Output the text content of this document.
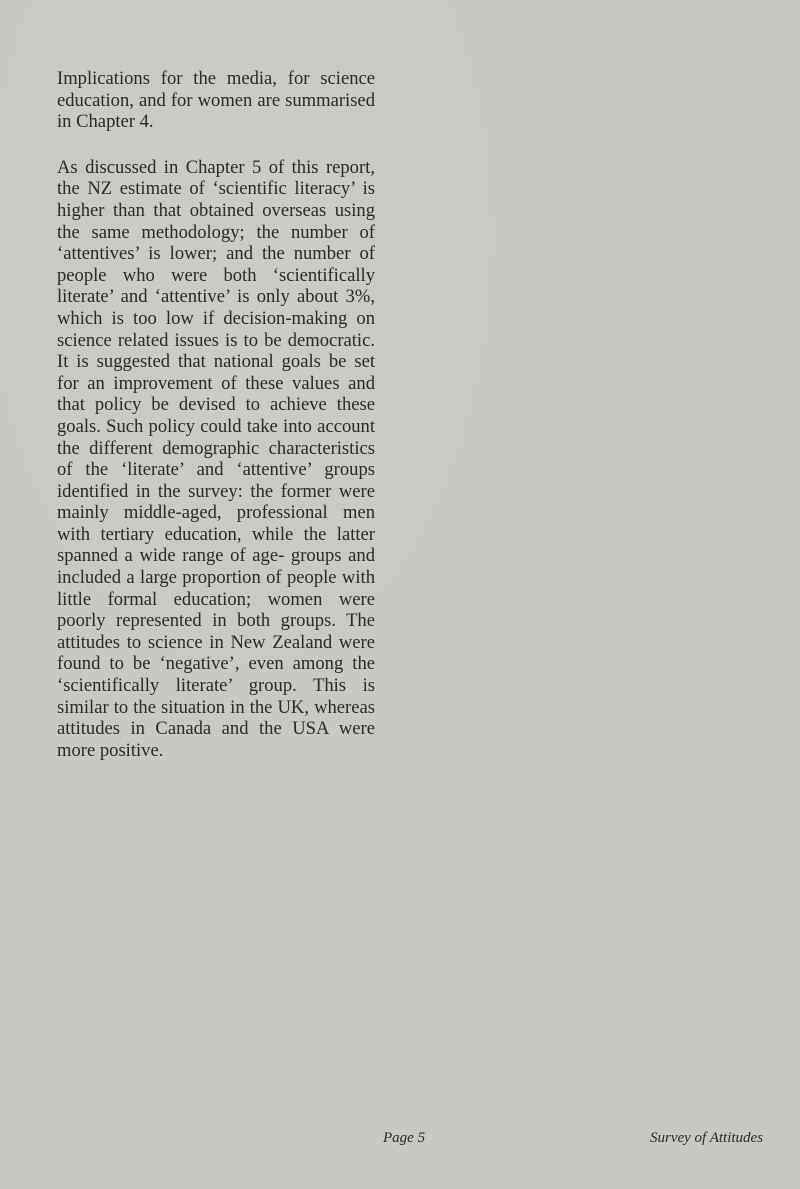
Implications for the media, for science education, and for women are summarised in Chapter 4.

As discussed in Chapter 5 of this report, the NZ estimate of ‘scientific literacy’ is higher than that obtained overseas using the same methodology; the number of ‘attentives’ is lower; and the number of people who were both ‘scientifically literate’ and ‘attentive’ is only about 3%, which is too low if decision-making on science related issues is to be democratic. It is suggested that national goals be set for an improvement of these values and that policy be devised to achieve these goals. Such policy could take into account the different demographic characteristics of the ‘literate’ and ‘attentive’ groups identified in the survey: the former were mainly middle-aged, professional men with tertiary education, while the latter spanned a wide range of age- groups and included a large proportion of people with little formal education; women were poorly represented in both groups. The attitudes to science in New Zealand were found to be ‘negative’, even among the ‘scientifically literate’ group. This is similar to the situation in the UK, whereas attitudes in Canada and the USA were more positive.

Page 5	Survey of Attitudes
